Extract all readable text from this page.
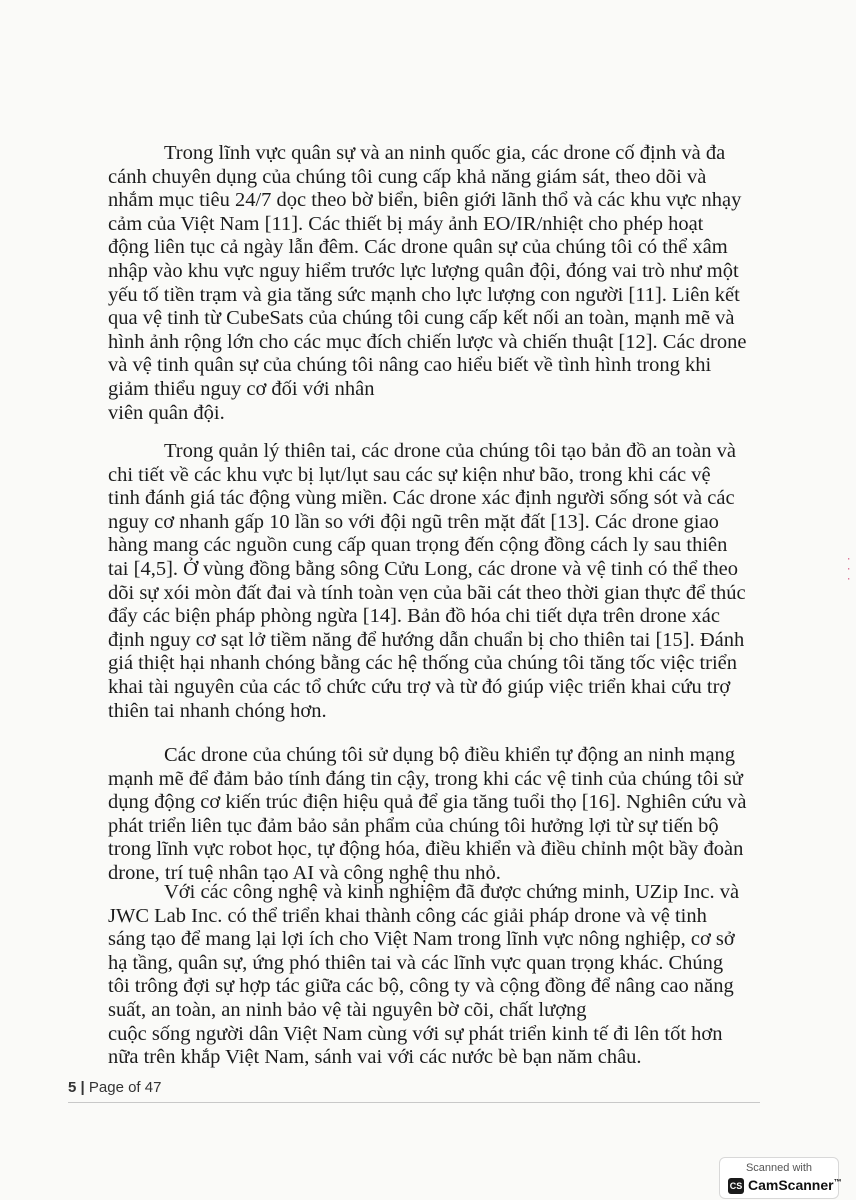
Trong lĩnh vực quân sự và an ninh quốc gia, các drone cố định và đa
cánh chuyên dụng của chúng tôi cung cấp khả năng giám sát, theo dõi và
nhắm mục tiêu 24/7 dọc theo bờ biển, biên giới lãnh thổ và các khu vực nhạy
cảm của Việt Nam [11]. Các thiết bị máy ảnh EO/IR/nhiệt cho phép hoạt
động liên tục cả ngày lẫn đêm. Các drone quân sự của chúng tôi có thể xâm
nhập vào khu vực nguy hiểm trước lực lượng quân đội, đóng vai trò như một
yếu tố tiền trạm và gia tăng sức mạnh cho lực lượng con người [11]. Liên kết
qua vệ tinh từ CubeSats của chúng tôi cung cấp kết nối an toàn, mạnh mẽ và
hình ảnh rộng lớn cho các mục đích chiến lược và chiến thuật [12]. Các drone
và vệ tinh quân sự của chúng tôi nâng cao hiểu biết về tình hình trong khi
giảm thiểu nguy cơ đối với nhân
viên quân đội.
Trong quản lý thiên tai, các drone của chúng tôi tạo bản đồ an toàn và
chi tiết về các khu vực bị lụt/lụt sau các sự kiện như bão, trong khi các vệ
tinh đánh giá tác động vùng miền. Các drone xác định người sống sót và các
nguy cơ nhanh gấp 10 lần so với đội ngũ trên mặt đất [13]. Các drone giao
hàng mang các nguồn cung cấp quan trọng đến cộng đồng cách ly sau thiên
tai [4,5]. Ở vùng đồng bằng sông Cửu Long, các drone và vệ tinh có thể theo
dõi sự xói mòn đất đai và tính toàn vẹn của bãi cát theo thời gian thực để thúc
đẩy các biện pháp phòng ngừa [14]. Bản đồ hóa chi tiết dựa trên drone xác
định nguy cơ sạt lở tiềm năng để hướng dẫn chuẩn bị cho thiên tai [15]. Đánh
giá thiệt hại nhanh chóng bằng các hệ thống của chúng tôi tăng tốc việc triển
khai tài nguyên của các tổ chức cứu trợ và từ đó giúp việc triển khai cứu trợ
thiên tai nhanh chóng hơn.
Các drone của chúng tôi sử dụng bộ điều khiển tự động an ninh mạng
mạnh mẽ để đảm bảo tính đáng tin cậy, trong khi các vệ tinh của chúng tôi sử
dụng động cơ kiến trúc điện hiệu quả để gia tăng tuổi thọ [16]. Nghiên cứu và
phát triển liên tục đảm bảo sản phẩm của chúng tôi hưởng lợi từ sự tiến bộ
trong lĩnh vực robot học, tự động hóa, điều khiển và điều chỉnh một bầy đoàn
drone, trí tuệ nhân tạo AI và công nghệ thu nhỏ.
Với các công nghệ và kinh nghiệm đã được chứng minh, UZip Inc. và
JWC Lab Inc. có thể triển khai thành công các giải pháp drone và vệ tinh
sáng tạo để mang lại lợi ích cho Việt Nam trong lĩnh vực nông nghiệp, cơ sở
hạ tầng, quân sự, ứng phó thiên tai và các lĩnh vực quan trọng khác. Chúng
tôi trông đợi sự hợp tác giữa các bộ, công ty và cộng đồng để nâng cao năng
suất, an toàn, an ninh bảo vệ tài nguyên bờ cõi, chất lượng
cuộc sống người dân Việt Nam cùng với sự phát triển kinh tế đi lên tốt hơn
nữa trên khắp Việt Nam, sánh vai với các nước bè bạn năm châu.
5 | Page of 47
·
·
·
Scanned with
CS CamScanner™
